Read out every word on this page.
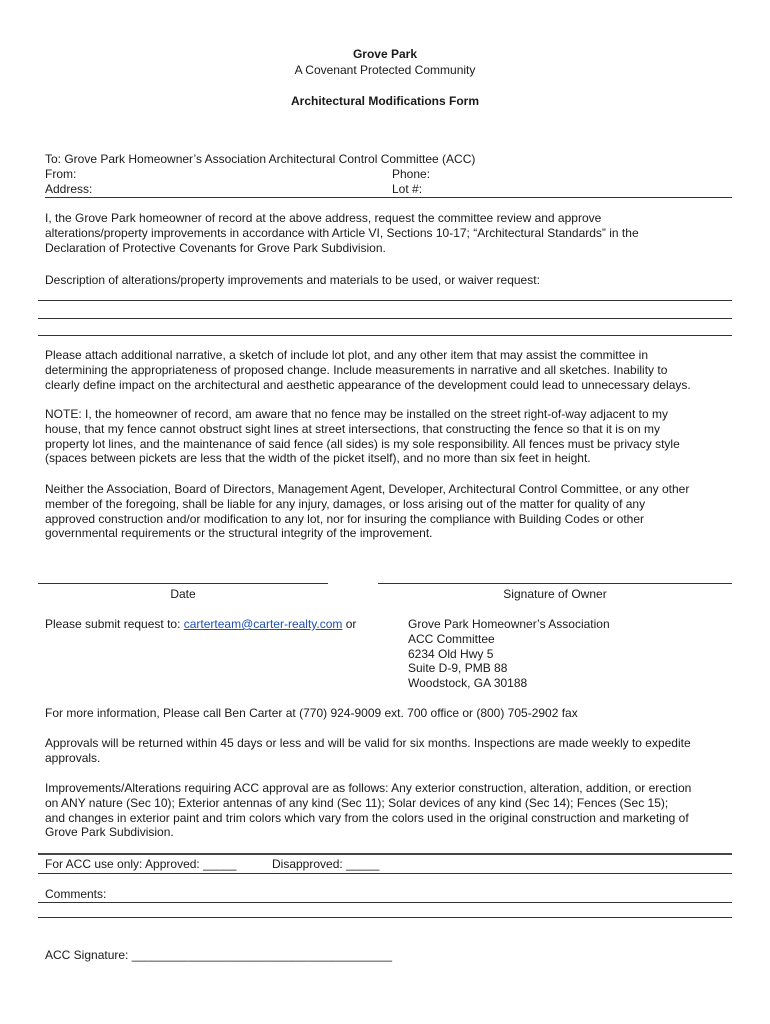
Grove Park
A Covenant Protected Community
Architectural Modifications Form
To: Grove Park Homeowner’s Association Architectural Control Committee (ACC)
From:	Phone:
Address:	Lot #:
I, the Grove Park homeowner of record at the above address, request the committee review and approve
alterations/property improvements in accordance with Article VI, Sections 10-17; “Architectural Standards” in the
Declaration of Protective Covenants for Grove Park Subdivision.
Description of alterations/property improvements and materials to be used, or waiver request:
Please attach additional narrative, a sketch of include lot plot, and any other item that may assist the committee in
determining the appropriateness of proposed change. Include measurements in narrative and all sketches. Inability to
clearly define impact on the architectural and aesthetic appearance of the development could lead to unnecessary delays.
NOTE: I, the homeowner of record, am aware that no fence may be installed on the street right-of-way adjacent to my
house, that my fence cannot obstruct sight lines at street intersections, that constructing the fence so that it is on my
property lot lines, and the maintenance of said fence (all sides) is my sole responsibility. All fences must be privacy style
(spaces between pickets are less that the width of the picket itself), and no more than six feet in height.
Neither the Association, Board of Directors, Management Agent, Developer, Architectural Control Committee, or any other
member of the foregoing, shall be liable for any injury, damages, or loss arising out of the matter for quality of any
approved construction and/or modification to any lot, nor for insuring the compliance with Building Codes or other
governmental requirements or the structural integrity of the improvement.
Date	Signature of Owner
Please submit request to: carterteam@carter-realty.com or	Grove Park Homeowner’s Association
ACC Committee
6234 Old Hwy 5
Suite D-9, PMB 88
Woodstock, GA 30188
For more information, Please call Ben Carter at (770) 924-9009 ext. 700 office or (800) 705-2902 fax
Approvals will be returned within 45 days or less and will be valid for six months. Inspections are made weekly to expedite
approvals.
Improvements/Alterations requiring ACC approval are as follows: Any exterior construction, alteration, addition, or erection
on ANY nature (Sec 10); Exterior antennas of any kind (Sec 11); Solar devices of any kind (Sec 14); Fences (Sec 15);
and changes in exterior paint and trim colors which vary from the colors used in the original construction and marketing of
Grove Park Subdivision.
For ACC use only: Approved: _____	Disapproved: _____
Comments:
ACC Signature: _______________________________________
